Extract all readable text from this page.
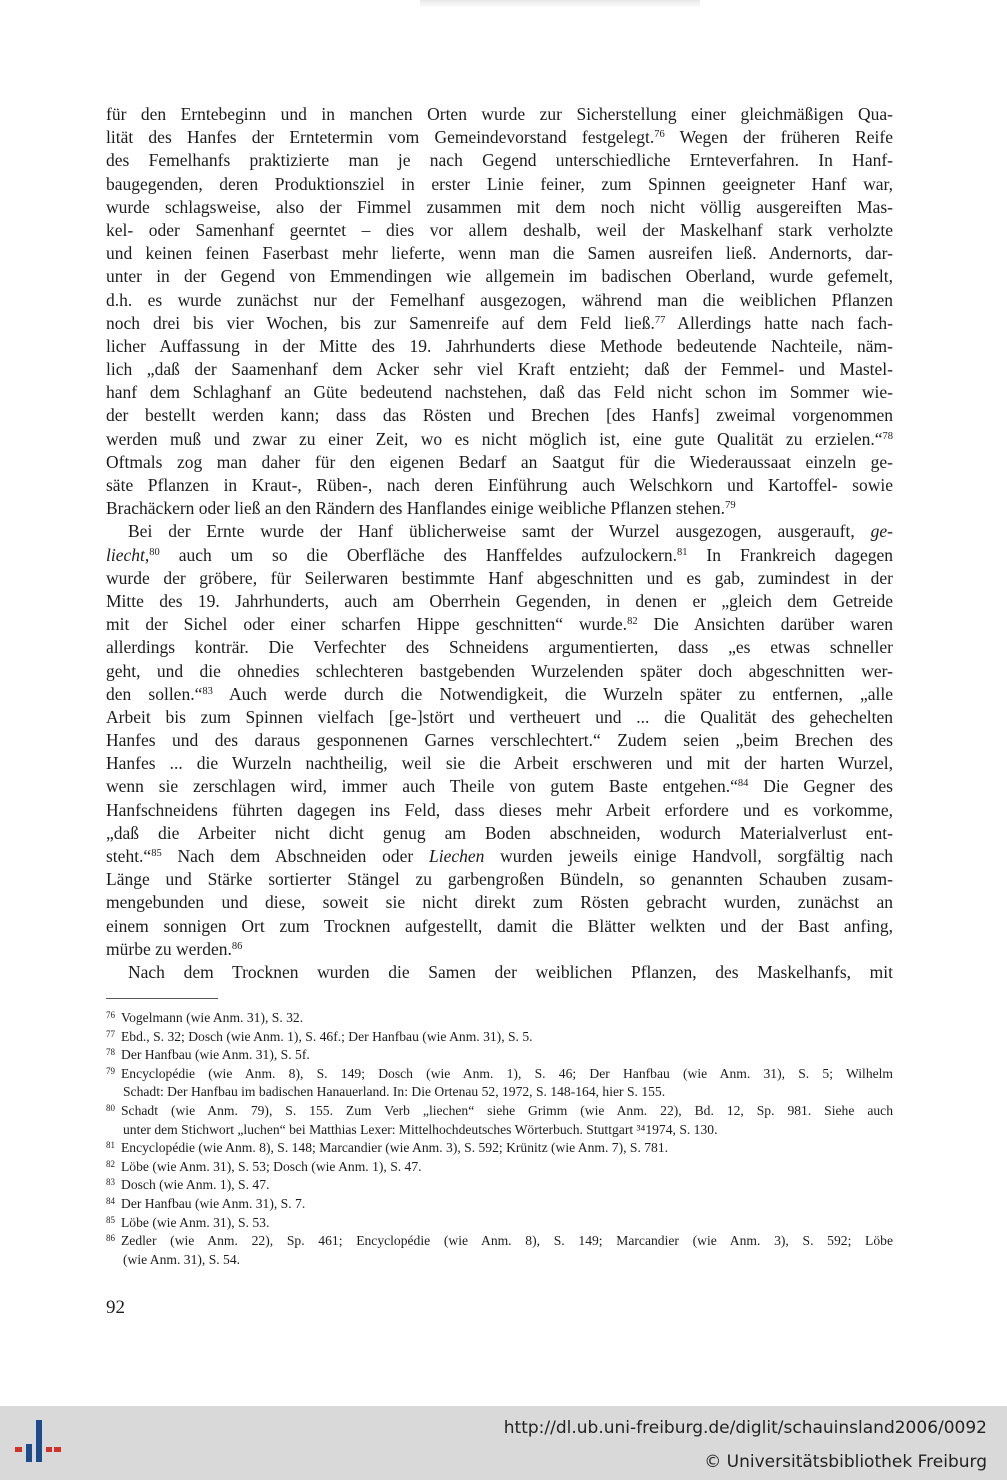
für den Erntebeginn und in manchen Orten wurde zur Sicherstellung einer gleichmäßigen Qua-
lität des Hanfes der Erntetermin vom Gemeindevorstand festgelegt.$^{76}$ Wegen der früheren Reife
des Femelhanfs praktizierte man je nach Gegend unterschiedliche Ernteverfahren. In Hanf-
baugegenden, deren Produktionsziel in erster Linie feiner, zum Spinnen geeigneter Hanf war,
wurde schlagsweise, also der Fimmel zusammen mit dem noch nicht völlig ausgereiften Mas-
kel- oder Samenhanf geerntet – dies vor allem deshalb, weil der Maskelhanf stark verholzte
und keinen feinen Faserbast mehr lieferte, wenn man die Samen ausreifen ließ. Andernorts, dar-
unter in der Gegend von Emmendingen wie allgemein im badischen Oberland, wurde gefemelt,
d.h. es wurde zunächst nur der Femelhanf ausgezogen, während man die weiblichen Pflanzen
noch drei bis vier Wochen, bis zur Samenreife auf dem Feld ließ.$^{77}$ Allerdings hatte nach fach-
licher Auffassung in der Mitte des 19. Jahrhunderts diese Methode bedeutende Nachteile, näm-
lich „daß der Saamenhanf dem Acker sehr viel Kraft entzieht; daß der Femmel- und Mastel-
hanf dem Schlaghanf an Güte bedeutend nachstehen, daß das Feld nicht schon im Sommer wie-
der bestellt werden kann; dass das Rösten und Brechen [des Hanfs] zweimal vorgenommen
werden muß und zwar zu einer Zeit, wo es nicht möglich ist, eine gute Qualität zu erzielen.“$^{78}$
Oftmals zog man daher für den eigenen Bedarf an Saatgut für die Wiederaussaat einzeln ge-
säte Pflanzen in Kraut-, Rüben-, nach deren Einführung auch Welschkorn und Kartoffel- sowie
Brachäckern oder ließ an den Rändern des Hanflandes einige weibliche Pflanzen stehen.$^{79}$
Bei der Ernte wurde der Hanf üblicherweise samt der Wurzel ausgezogen, ausgerauft, ge-
liecht,$^{80}$ auch um so die Oberfläche des Hanffeldes aufzulockern.$^{81}$ In Frankreich dagegen
wurde der gröbere, für Seilerwaren bestimmte Hanf abgeschnitten und es gab, zumindest in der
Mitte des 19. Jahrhunderts, auch am Oberrhein Gegenden, in denen er „gleich dem Getreide
mit der Sichel oder einer scharfen Hippe geschnitten“ wurde.$^{82}$ Die Ansichten darüber waren
allerdings konträr. Die Verfechter des Schneidens argumentierten, dass „es etwas schneller
geht, und die ohnedies schlechteren bastgebenden Wurzelenden später doch abgeschnitten wer-
den sollen.“$^{83}$ Auch werde durch die Notwendigkeit, die Wurzeln später zu entfernen, „alle
Arbeit bis zum Spinnen vielfach [ge-]stört und vertheuert und ... die Qualität des gehechelten
Hanfes und des daraus gesponnenen Garnes verschlechtert.“ Zudem seien „beim Brechen des
Hanfes ... die Wurzeln nachtheilig, weil sie die Arbeit erschweren und mit der harten Wurzel,
wenn sie zerschlagen wird, immer auch Theile von gutem Baste entgehen.“$^{84}$ Die Gegner des
Hanfschneidens führten dagegen ins Feld, dass dieses mehr Arbeit erfordere und es vorkomme,
„daß die Arbeiter nicht dicht genug am Boden abschneiden, wodurch Materialverlust ent-
steht.“$^{85}$ Nach dem Abschneiden oder Liechen wurden jeweils einige Handvoll, sorgfältig nach
Länge und Stärke sortierter Stängel zu garbengroßen Bündeln, so genannten Schauben zusam-
mengebunden und diese, soweit sie nicht direkt zum Rösten gebracht wurden, zunächst an
einem sonnigen Ort zum Trocknen aufgestellt, damit die Blätter welkten und der Bast anfing,
mürbe zu werden.$^{86}$
Nach dem Trocknen wurden die Samen der weiblichen Pflanzen, des Maskelhanfs, mit
$^{76}$ Vogelmann (wie Anm. 31), S. 32.
$^{77}$ Ebd., S. 32; Dosch (wie Anm. 1), S. 46f.; Der Hanfbau (wie Anm. 31), S. 5.
$^{78}$ Der Hanfbau (wie Anm. 31), S. 5f.
$^{79}$ Encyclopédie (wie Anm. 8), S. 149; Dosch (wie Anm. 1), S. 46; Der Hanfbau (wie Anm. 31), S. 5; Wilhelm
Schadt: Der Hanfbau im badischen Hanauerland. In: Die Ortenau 52, 1972, S. 148-164, hier S. 155.
$^{80}$ Schadt (wie Anm. 79), S. 155. Zum Verb „liechen“ siehe Grimm (wie Anm. 22), Bd. 12, Sp. 981. Siehe auch
unter dem Stichwort „luchen“ bei Matthias Lexer: Mittelhochdeutsches Wörterbuch. Stuttgart ³⁴1974, S. 130.
$^{81}$ Encyclopédie (wie Anm. 8), S. 148; Marcandier (wie Anm. 3), S. 592; Krünitz (wie Anm. 7), S. 781.
$^{82}$ Löbe (wie Anm. 31), S. 53; Dosch (wie Anm. 1), S. 47.
$^{83}$ Dosch (wie Anm. 1), S. 47.
$^{84}$ Der Hanfbau (wie Anm. 31), S. 7.
$^{85}$ Löbe (wie Anm. 31), S. 53.
$^{86}$ Zedler (wie Anm. 22), Sp. 461; Encyclopédie (wie Anm. 8), S. 149; Marcandier (wie Anm. 3), S. 592; Löbe
(wie Anm. 31), S. 54.
92
http://dl.ub.uni-freiburg.de/diglit/schauinsland2006/0092
© Universitätsbibliothek Freiburg
